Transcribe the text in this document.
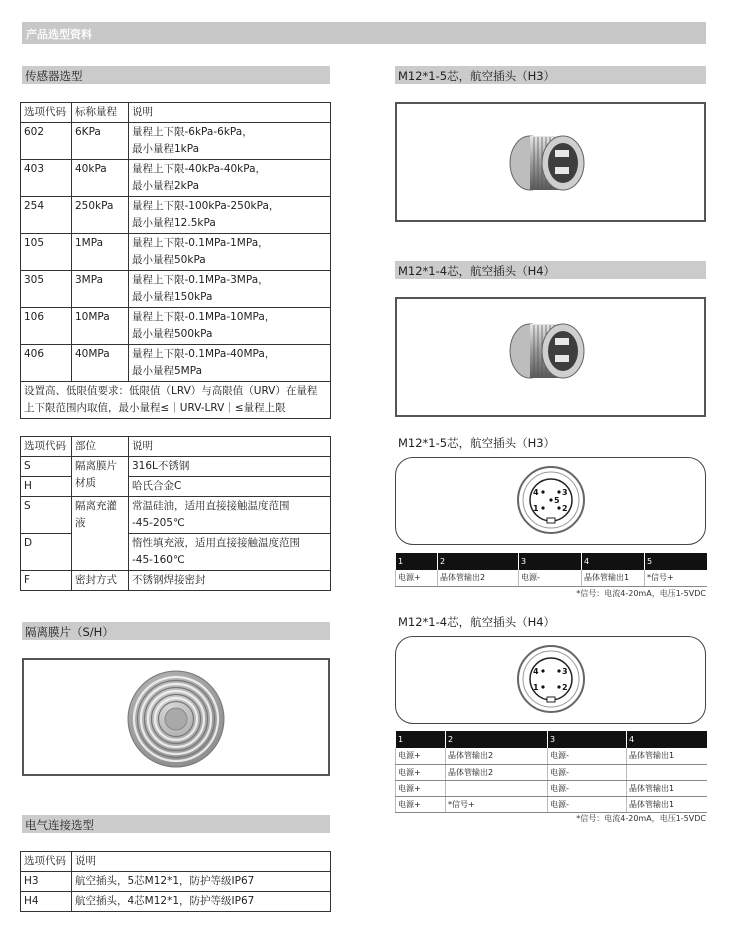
产品选型资料
传感器选型
选项代码	标称量程	说明
602	6KPa	量程上下限-6kPa-6kPa，
最小量程1kPa
403	40kPa	量程上下限-40kPa-40kPa，
最小量程2kPa
254	250kPa	量程上下限-100kPa-250kPa，
最小量程12.5kPa
105	1MPa	量程上下限-0.1MPa-1MPa，
最小量程50kPa
305	3MPa	量程上下限-0.1MPa-3MPa，
最小量程150kPa
106	10MPa	量程上下限-0.1MPa-10MPa，
最小量程500kPa
406	40MPa	量程上下限-0.1MPa-40MPa，
最小量程5MPa
设置高、低限值要求：低限值（LRV）与高限值（URV）在量程上下限范围内取值，最小量程≤｜URV-LRV｜≤量程上限		
选项代码	部位	说明
S	隔离膜片材质	316L不锈钢
H		哈氏合金C
S	隔离充灌液	常温硅油，适用直接接触温度范围
-45-205℃
D		惰性填充液，适用直接接触温度范围
-45-160℃
F	密封方式	不锈钢焊接密封
隔离膜片（S/H）
电气连接选型
选项代码	说明
H3	航空插头，5芯M12*1，防护等级IP67
H4	航空插头，4芯M12*1，防护等级IP67
M12*1-5芯，航空插头（H3）
M12*1-4芯，航空插头（H4）
M12*1-5芯，航空插头（H3）
4	3
5
1	2
1	2	3	4	5
电源+	晶体管输出2	电源-	晶体管输出1	*信号+
*信号：电流4-20mA，电压1-5VDC
M12*1-4芯，航空插头（H4）
4	3
1	2
1	2	3	4
电源+	晶体管输出2	电源-	晶体管输出1
电源+	晶体管输出2	电源-	
电源+		电源-	晶体管输出1
电源+	*信号+	电源-	晶体管输出1
*信号：电流4-20mA，电压1-5VDC
